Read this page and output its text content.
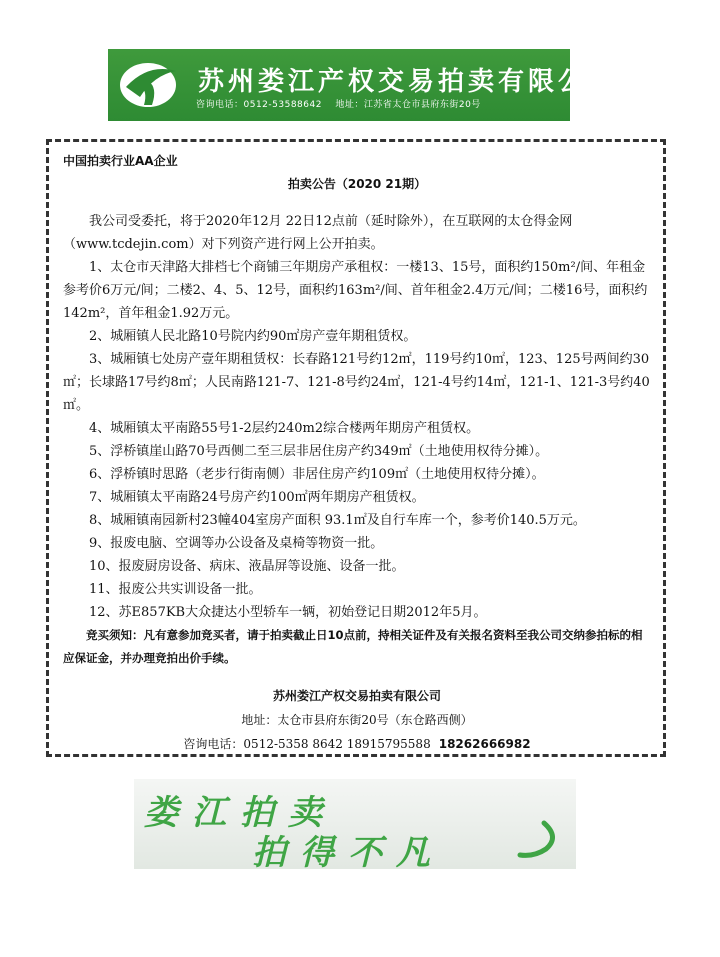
苏州娄江产权交易拍卖有限公司
咨询电话：0512-53588642 地址：江苏省太仓市县府东街20号

中国拍卖行业AA企业

拍卖公告（2020 21期）

我公司受委托，将于2020年12月 22日12点前（延时除外），在互联网的太仓得金网（www.tcdejin.com）对下列资产进行网上公开拍卖。

1、太仓市天津路大排档七个商铺三年期房产承租权：一楼13、15号，面积约150m²/间、年租金参考价6万元/间；二楼2、4、5、12号，面积约163m²/间、首年租金2.4万元/间；二楼16号，面积约142m²，首年租金1.92万元。
2、城厢镇人民北路10号院内约90㎡房产壹年期租赁权。
3、城厢镇七处房产壹年期租赁权：长春路121号约12㎡，119号约10㎡，123、125号两间约30㎡；长埭路17号约8㎡；人民南路121-7、121-8号约24㎡，121-4号约14㎡，121-1、121-3号约40㎡。
4、城厢镇太平南路55号1-2层约240m2综合楼两年期房产租赁权。
5、浮桥镇崖山路70号西侧二至三层非居住房产约349㎡（土地使用权待分摊）。
6、浮桥镇时思路（老步行街南侧）非居住房产约109㎡（土地使用权待分摊）。
7、城厢镇太平南路24号房产约100㎡两年期房产租赁权。
8、城厢镇南园新村23幢404室房产面积 93.1㎡及自行车库一个，参考价140.5万元。
9、报废电脑、空调等办公设备及桌椅等物资一批。
10、报废厨房设备、病床、液晶屏等设施、设备一批。
11、报废公共实训设备一批。
12、苏E857KB大众捷达小型轿车一辆，初始登记日期2012年5月。

竞买须知：凡有意参加竞买者，请于拍卖截止日10点前，持相关证件及有关报名资料至我公司交纳参拍标的相应保证金，并办理竞拍出价手续。

苏州娄江产权交易拍卖有限公司
地址：太仓市县府东街20号（东仓路西侧）
咨询电话：0512-5358 8642 18915795588 18262666982
娄江拍卖
拍得不凡
